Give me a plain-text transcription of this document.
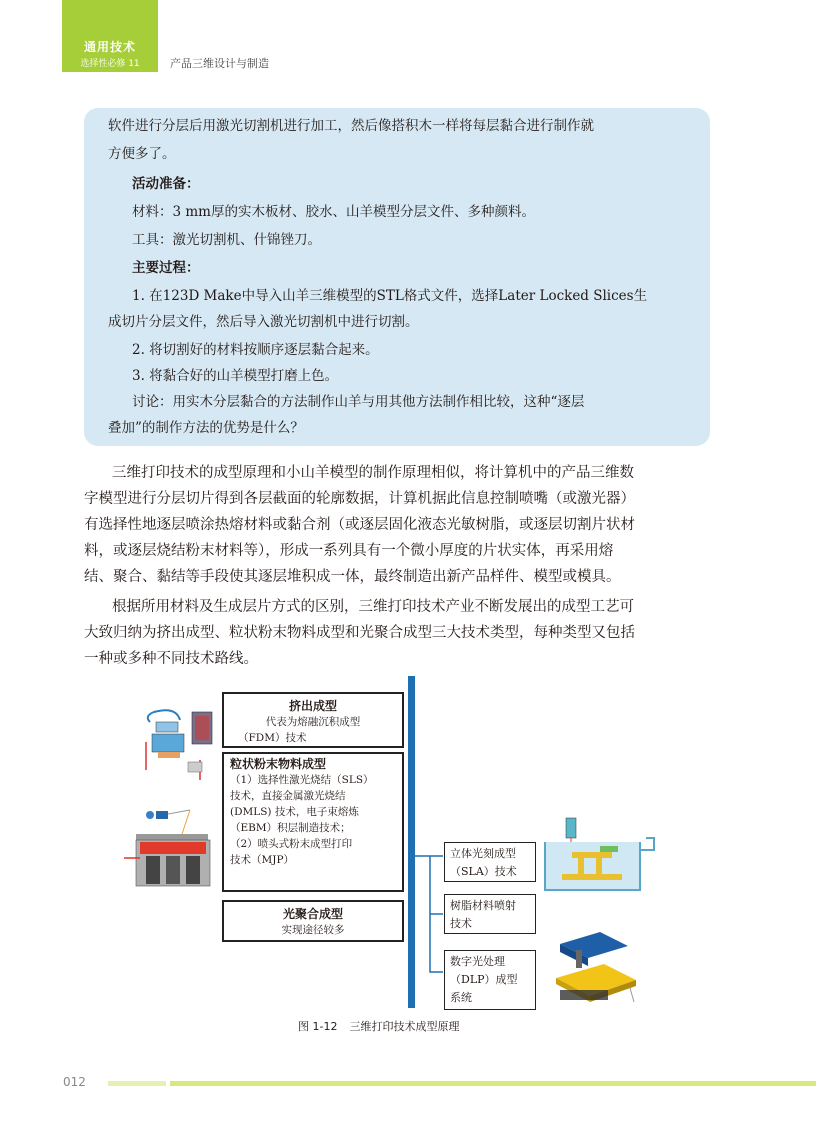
通用技术
选择性必修 11	产品三维设计与制造

软件进行分层后用激光切割机进行加工，然后像搭积木一样将每层黏合进行制作就

方便多了。

活动准备：

材料：3 mm厚的实木板材、胶水、山羊模型分层文件、多种颜料。

工具：激光切割机、什锦锉刀。

主要过程：

1. 在123D Make中导入山羊三维模型的STL格式文件，选择Later Locked Slices生

成切片分层文件，然后导入激光切割机中进行切割。

2. 将切割好的材料按顺序逐层黏合起来。

3. 将黏合好的山羊模型打磨上色。

讨论：用实木分层黏合的方法制作山羊与用其他方法制作相比较，这种“逐层

叠加”的制作方法的优势是什么？

三维打印技术的成型原理和小山羊模型的制作原理相似，将计算机中的产品三维数

字模型进行分层切片得到各层截面的轮廓数据，计算机据此信息控制喷嘴（或激光器）

有选择性地逐层喷涂热熔材料或黏合剂（或逐层固化液态光敏树脂，或逐层切割片状材

料，或逐层烧结粉末材料等），形成一系列具有一个微小厚度的片状实体，再采用熔

结、聚合、黏结等手段使其逐层堆积成一体，最终制造出新产品样件、模型或模具。

根据所用材料及生成层片方式的区别，三维打印技术产业不断发展出的成型工艺可

大致归纳为挤出成型、粒状粉末物料成型和光聚合成型三大技术类型，每种类型又包括

一种或多种不同技术路线。

挤出成型
代表为熔融沉积成型
（FDM）技术
粒状粉末物料成型
（1）选择性激光烧结（SLS）
技术，直接金属激光烧结
(DMLS) 技术，电子束熔炼
（EBM）积层制造技术；
（2）喷头式粉末成型打印
技术（MJP）
光聚合成型
实现途径较多
立体光刻成型
（SLA）技术
树脂材料喷射
技术
数字光处理
（DLP）成型
系统
图 1-12 三维打印技术成型原理
012
